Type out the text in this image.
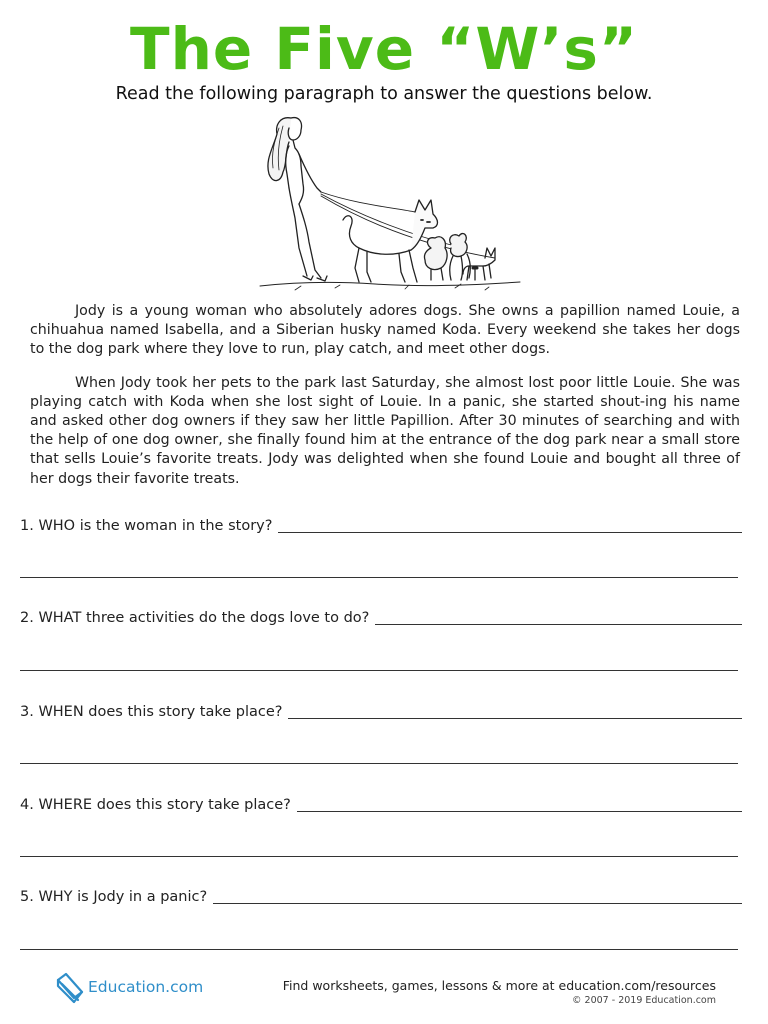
The Five “W’s”
Read the following paragraph to answer the questions below.

Jody is a young woman who absolutely adores dogs. She owns a papillion named Louie, a chihuahua named Isabella, and a Siberian husky named Koda. Every weekend she takes her dogs to the dog park where they love to run, play catch, and meet other dogs.

When Jody took her pets to the park last Saturday, she almost lost poor little Louie. She was playing catch with Koda when she lost sight of Louie. In a panic, she started shout-ing his name and asked other dog owners if they saw her little Papillion. After 30 minutes of searching and with the help of one dog owner, she finally found him at the entrance of the dog park near a small store that sells Louie’s favorite treats. Jody was delighted when she found Louie and bought all three of her dogs their favorite treats.

1. WHO is the woman in the story?
2. WHAT three activities do the dogs love to do?
3. WHEN does this story take place?
4. WHERE does this story take place?
5. WHY is Jody in a panic?
Education.com	Find worksheets, games, lessons & more at education.com/resources
© 2007 - 2019 Education.com
